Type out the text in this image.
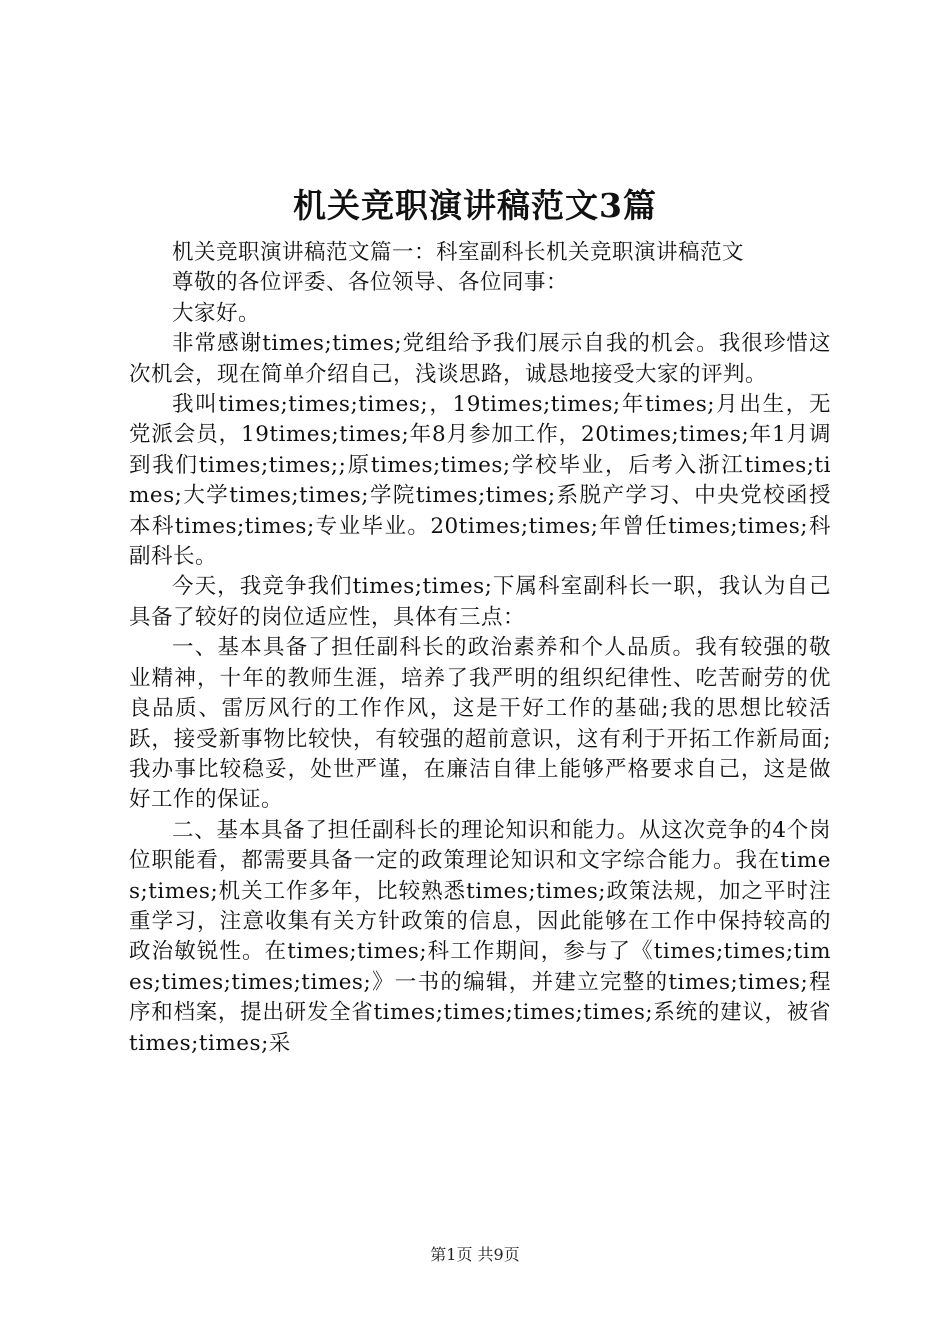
机关竞职演讲稿范文3篇

机关竞职演讲稿范文篇一：科室副科长机关竞职演讲稿范文

尊敬的各位评委、各位领导、各位同事：

大家好。

非常感谢times;times;党组给予我们展示自我的机会。我很珍惜这次机会，现在简单介绍自己，浅谈思路，诚恳地接受大家的评判。

我叫times;times;times;，19times;times;年times;月出生，无党派会员，19times;times;年8月参加工作，20times;times;年1月调到我们times;times;;原times;times;学校毕业，后考入浙江times;times;大学times;times;学院times;times;系脱产学习、中央党校函授本科times;times;专业毕业。20times;times;年曾任times;times;科副科长。

今天，我竞争我们times;times;下属科室副科长一职，我认为自己具备了较好的岗位适应性，具体有三点：

一、基本具备了担任副科长的政治素养和个人品质。我有较强的敬业精神，十年的教师生涯，培养了我严明的组织纪律性、吃苦耐劳的优良品质、雷厉风行的工作作风，这是干好工作的基础;我的思想比较活跃，接受新事物比较快，有较强的超前意识，这有利于开拓工作新局面;我办事比较稳妥，处世严谨，在廉洁自律上能够严格要求自己，这是做好工作的保证。

二、基本具备了担任副科长的理论知识和能力。从这次竞争的4个岗位职能看，都需要具备一定的政策理论知识和文字综合能力。我在times;times;机关工作多年，比较熟悉times;times;政策法规，加之平时注重学习，注意收集有关方针政策的信息，因此能够在工作中保持较高的政治敏锐性。在times;times;科工作期间，参与了《times;times;times;times;times;times;》一书的编辑，并建立完整的times;times;程序和档案，提出研发全省times;times;times;times;系统的建议，被省times;times;采

第1页 共9页
